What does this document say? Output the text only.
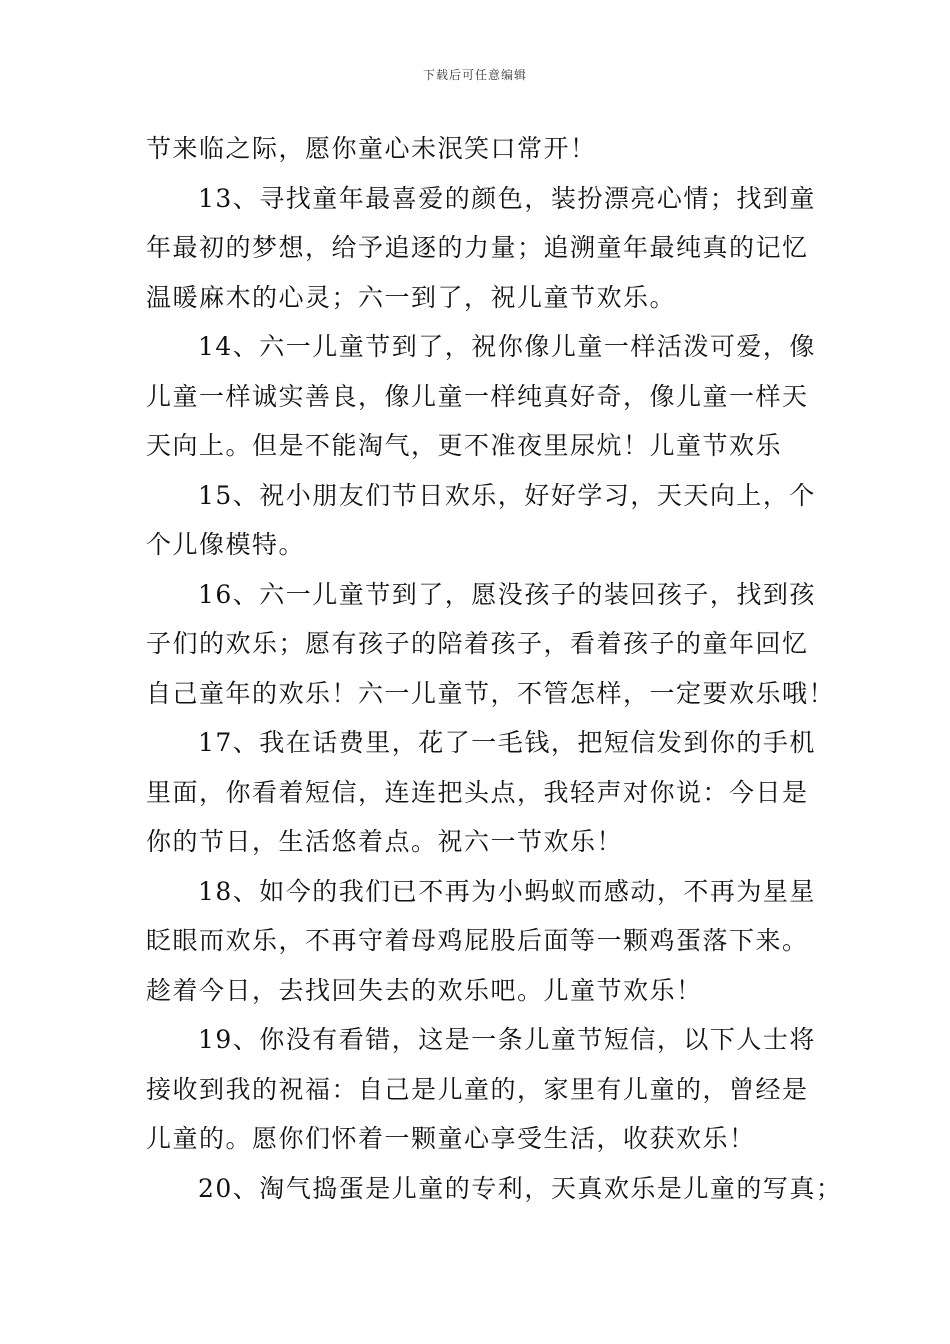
下载后可任意编辑
节来临之际，愿你童心未泯笑口常开！
13、寻找童年最喜爱的颜色，装扮漂亮心情；找到童
年最初的梦想，给予追逐的力量；追溯童年最纯真的记忆
温暖麻木的心灵；六一到了，祝儿童节欢乐。
14、六一儿童节到了，祝你像儿童一样活泼可爱，像
儿童一样诚实善良，像儿童一样纯真好奇，像儿童一样天
天向上。但是不能淘气，更不准夜里尿炕！儿童节欢乐
15、祝小朋友们节日欢乐，好好学习，天天向上，个
个儿像模特。
16、六一儿童节到了，愿没孩子的装回孩子，找到孩
子们的欢乐；愿有孩子的陪着孩子，看着孩子的童年回忆
自己童年的欢乐！六一儿童节，不管怎样，一定要欢乐哦！
17、我在话费里，花了一毛钱，把短信发到你的手机
里面，你看着短信，连连把头点，我轻声对你说：今日是
你的节日，生活悠着点。祝六一节欢乐！
18、如今的我们已不再为小蚂蚁而感动，不再为星星
眨眼而欢乐，不再守着母鸡屁股后面等一颗鸡蛋落下来。
趁着今日，去找回失去的欢乐吧。儿童节欢乐！
19、你没有看错，这是一条儿童节短信，以下人士将
接收到我的祝福：自己是儿童的，家里有儿童的，曾经是
儿童的。愿你们怀着一颗童心享受生活，收获欢乐！
20、淘气捣蛋是儿童的专利，天真欢乐是儿童的写真；
